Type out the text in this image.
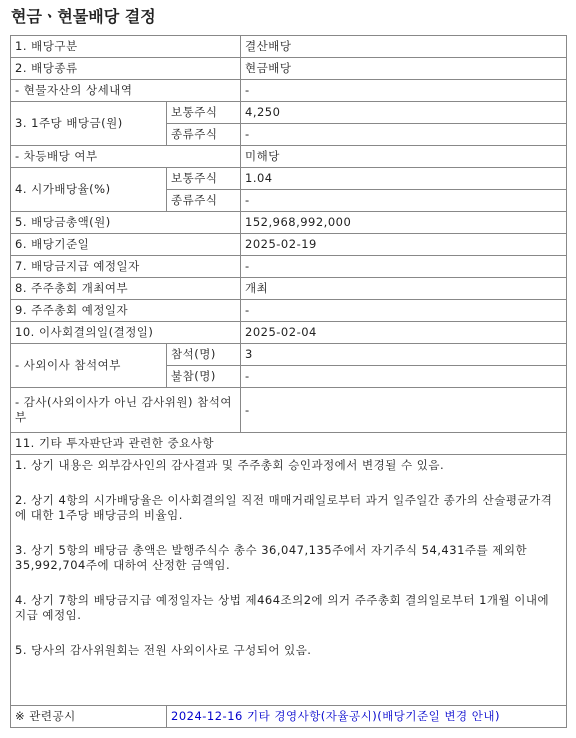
현금ㆍ현물배당 결정
1. 배당구분		결산배당
2. 배당종류		현금배당
- 현물자산의 상세내역		-
3. 1주당 배당금(원)	보통주식	4,250
	종류주식	-
- 차등배당 여부		미해당
4. 시가배당율(%)	보통주식	1.04
	종류주식	-
5. 배당금총액(원)		152,968,992,000
6. 배당기준일		2025-02-19
7. 배당금지급 예정일자		-
8. 주주총회 개최여부		개최
9. 주주총회 예정일자		-
10. 이사회결의일(결정일)		2025-02-04
- 사외이사 참석여부	참석(명)	3
	불참(명)	-
- 감사(사외이사가 아닌 감사위원) 참석여부		-
11. 기타 투자판단과 관련한 중요사항		

1. 상기 내용은 외부감사인의 감사결과 및 주주총회 승인과정에서 변경될 수 있음.
2. 상기 4항의 시가배당율은 이사회결의일 직전 매매거래일로부터 과거 일주일간 종가의 산술평균가격에 대한 1주당 배당금의 비율임.
3. 상기 5항의 배당금 총액은 발행주식수 총수 36,047,135주에서 자기주식 54,431주를 제외한 35,992,704주에 대하여 산정한 금액임.
4. 상기 7항의 배당금지급 예정일자는 상법 제464조의2에 의거 주주총회 결의일로부터 1개월 이내에 지급 예정임.
5. 당사의 감사위원회는 전원 사외이사로 구성되어 있음.		

※ 관련공시	2024-12-16 기타 경영사항(자율공시)(배당기준일 변경 안내)	
